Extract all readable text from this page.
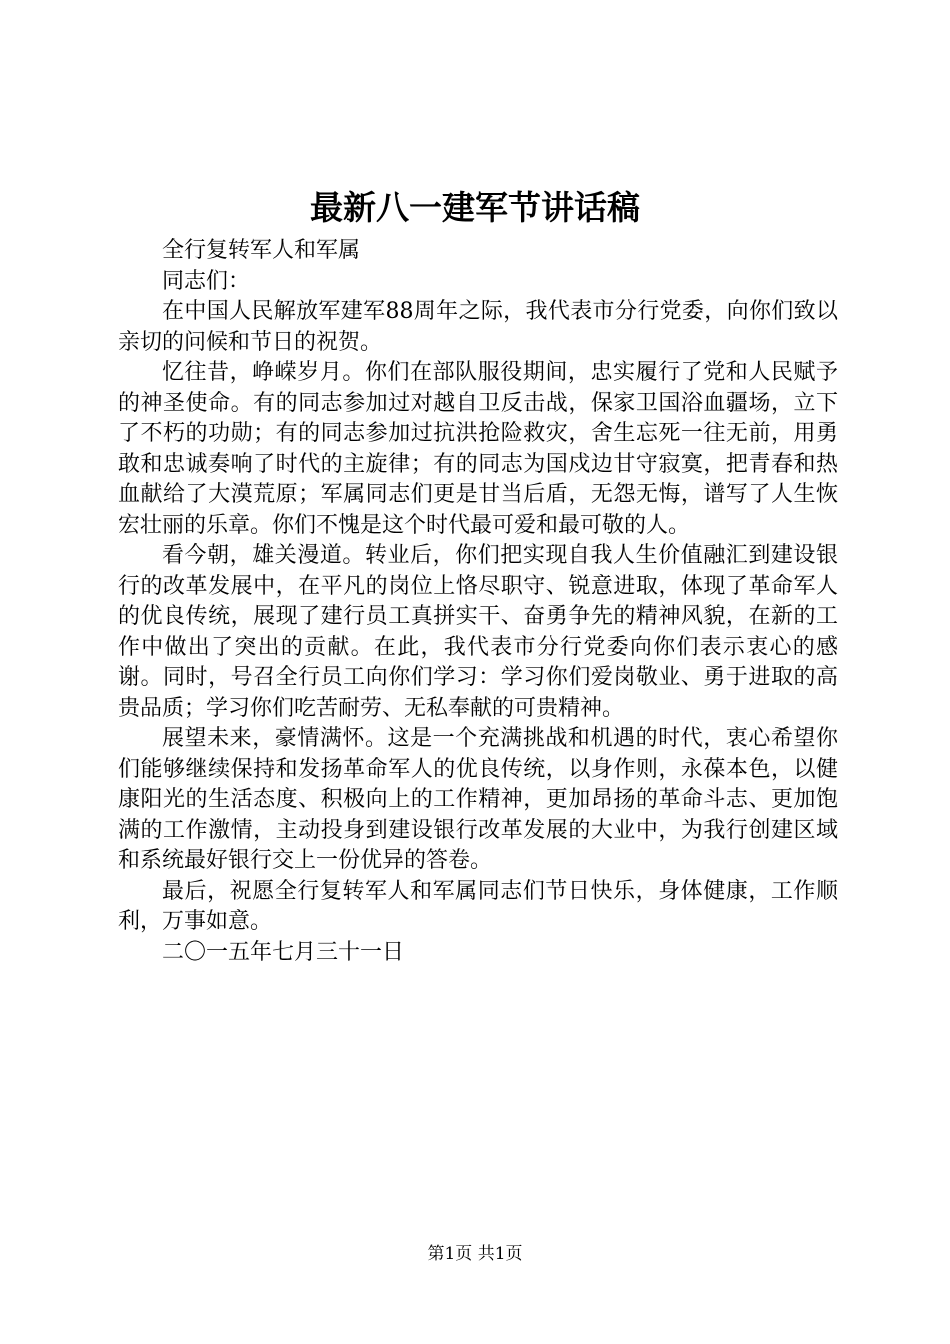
最新八一建军节讲话稿

全行复转军人和军属

同志们：

在中国人民解放军建军88周年之际，我代表市分行党委，向你们致以亲切的问候和节日的祝贺。

忆往昔，峥嵘岁月。你们在部队服役期间，忠实履行了党和人民赋予的神圣使命。有的同志参加过对越自卫反击战，保家卫国浴血疆场，立下了不朽的功勋；有的同志参加过抗洪抢险救灾，舍生忘死一往无前，用勇敢和忠诚奏响了时代的主旋律；有的同志为国戍边甘守寂寞，把青春和热血献给了大漠荒原；军属同志们更是甘当后盾，无怨无悔，谱写了人生恢宏壮丽的乐章。你们不愧是这个时代最可爱和最可敬的人。

看今朝，雄关漫道。转业后，你们把实现自我人生价值融汇到建设银行的改革发展中，在平凡的岗位上恪尽职守、锐意进取，体现了革命军人的优良传统，展现了建行员工真拼实干、奋勇争先的精神风貌，在新的工作中做出了突出的贡献。在此，我代表市分行党委向你们表示衷心的感谢。同时，号召全行员工向你们学习：学习你们爱岗敬业、勇于进取的高贵品质；学习你们吃苦耐劳、无私奉献的可贵精神。

展望未来，豪情满怀。这是一个充满挑战和机遇的时代，衷心希望你们能够继续保持和发扬革命军人的优良传统，以身作则，永葆本色，以健康阳光的生活态度、积极向上的工作精神，更加昂扬的革命斗志、更加饱满的工作激情，主动投身到建设银行改革发展的大业中，为我行创建区域和系统最好银行交上一份优异的答卷。

最后，祝愿全行复转军人和军属同志们节日快乐，身体健康，工作顺利，万事如意。

二〇一五年七月三十一日

第1页 共1页
